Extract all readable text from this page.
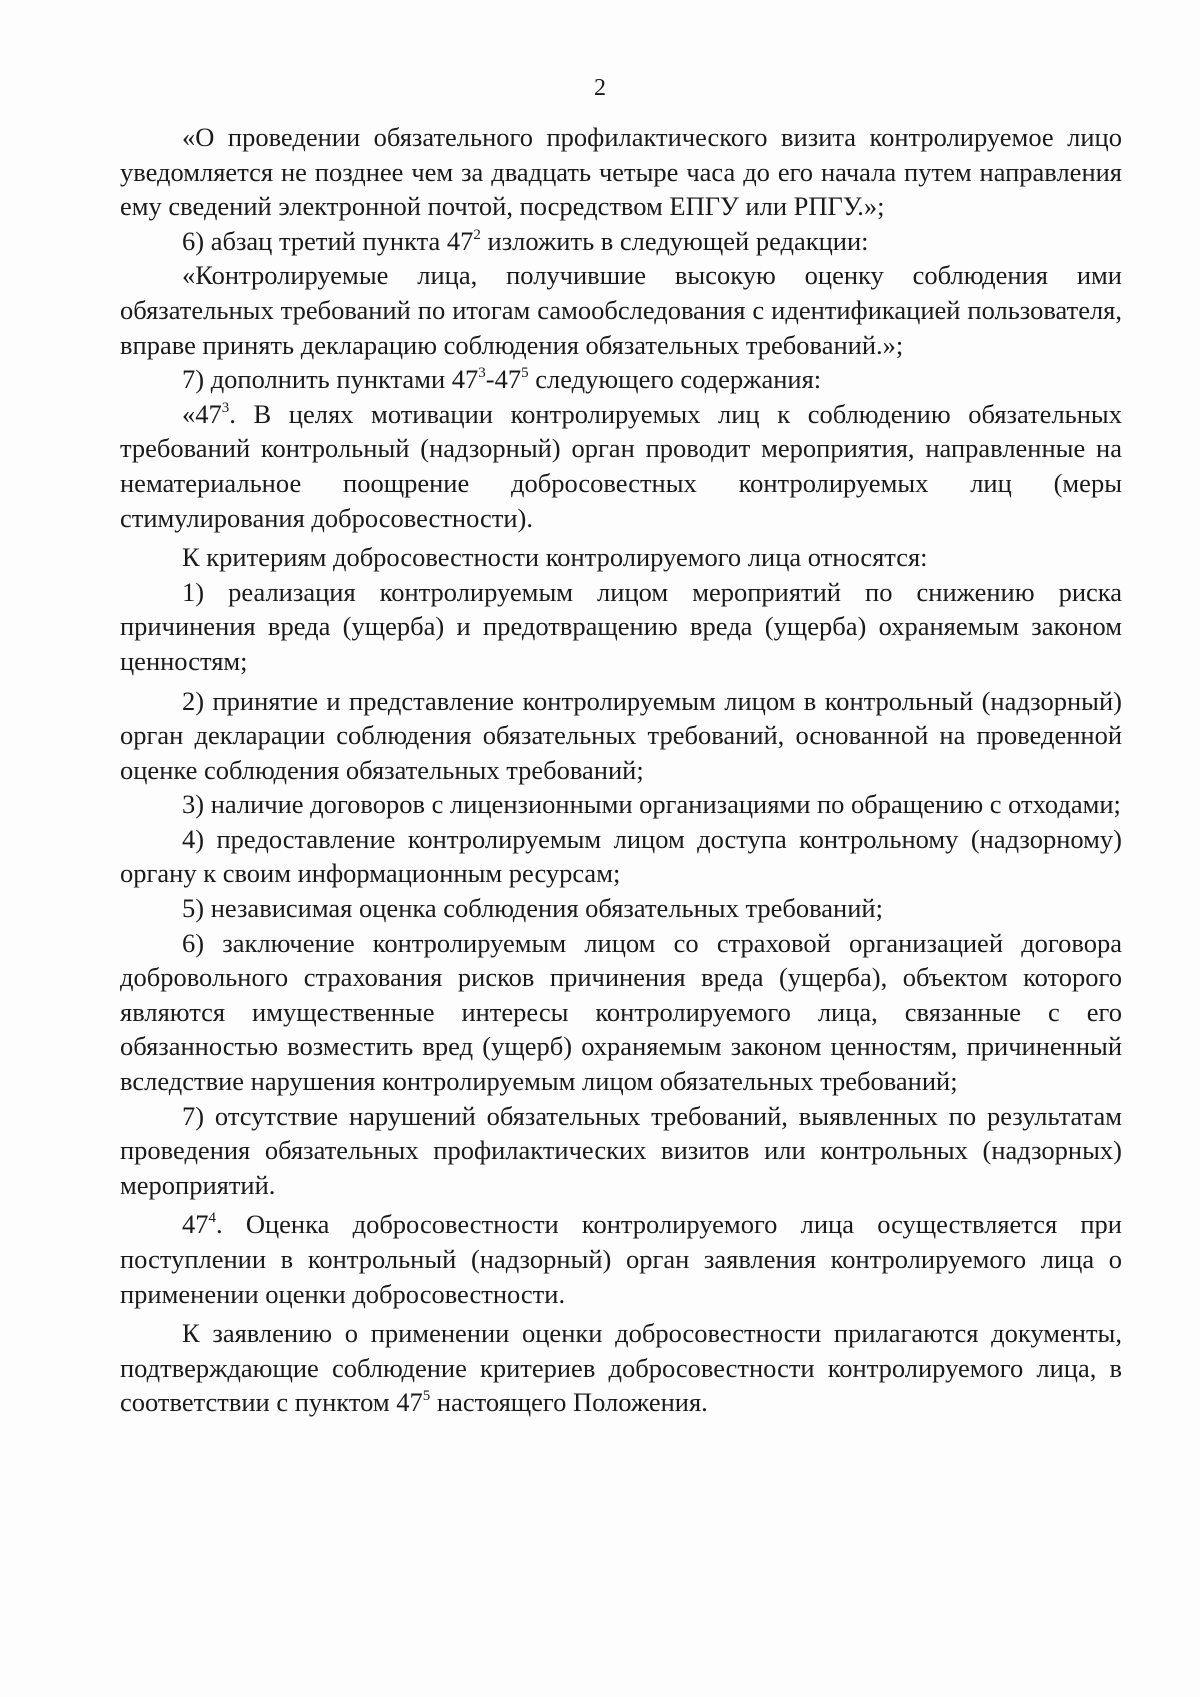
2

«О проведении обязательного профилактического визита контролируемое лицо уведомляется не позднее чем за двадцать четыре часа до его начала путем направления ему сведений электронной почтой, посредством ЕПГУ или РПГУ.»;

6) абзац третий пункта $47^2$ изложить в следующей редакции:

«Контролируемые лица, получившие высокую оценку соблюдения ими обязательных требований по итогам самообследования с идентификацией пользователя, вправе принять декларацию соблюдения обязательных требований.»;

7) дополнить пунктами $47^3-47^5$ следующего содержания:

«$47^3$. В целях мотивации контролируемых лиц к соблюдению обязательных требований контрольный (надзорный) орган проводит мероприятия, направленные на нематериальное поощрение добросовестных контролируемых лиц (меры стимулирования добросовестности).

К критериям добросовестности контролируемого лица относятся:

1) реализация контролируемым лицом мероприятий по снижению риска причинения вреда (ущерба) и предотвращению вреда (ущерба) охраняемым законом ценностям;

2) принятие и представление контролируемым лицом в контрольный (надзорный) орган декларации соблюдения обязательных требований, основанной на проведенной оценке соблюдения обязательных требований;

3) наличие договоров с лицензионными организациями по обращению с отходами;

4) предоставление контролируемым лицом доступа контрольному (надзорному) органу к своим информационным ресурсам;

5) независимая оценка соблюдения обязательных требований;

6) заключение контролируемым лицом со страховой организацией договора добровольного страхования рисков причинения вреда (ущерба), объектом которого являются имущественные интересы контролируемого лица, связанные с его обязанностью возместить вред (ущерб) охраняемым законом ценностям, причиненный вследствие нарушения контролируемым лицом обязательных требований;

7) отсутствие нарушений обязательных требований, выявленных по результатам проведения обязательных профилактических визитов или контрольных (надзорных) мероприятий.

$47^4$. Оценка добросовестности контролируемого лица осуществляется при поступлении в контрольный (надзорный) орган заявления контролируемого лица о применении оценки добросовестности.

К заявлению о применении оценки добросовестности прилагаются документы, подтверждающие соблюдение критериев добросовестности контролируемого лица, в соответствии с пунктом $47^5$ настоящего Положения.
